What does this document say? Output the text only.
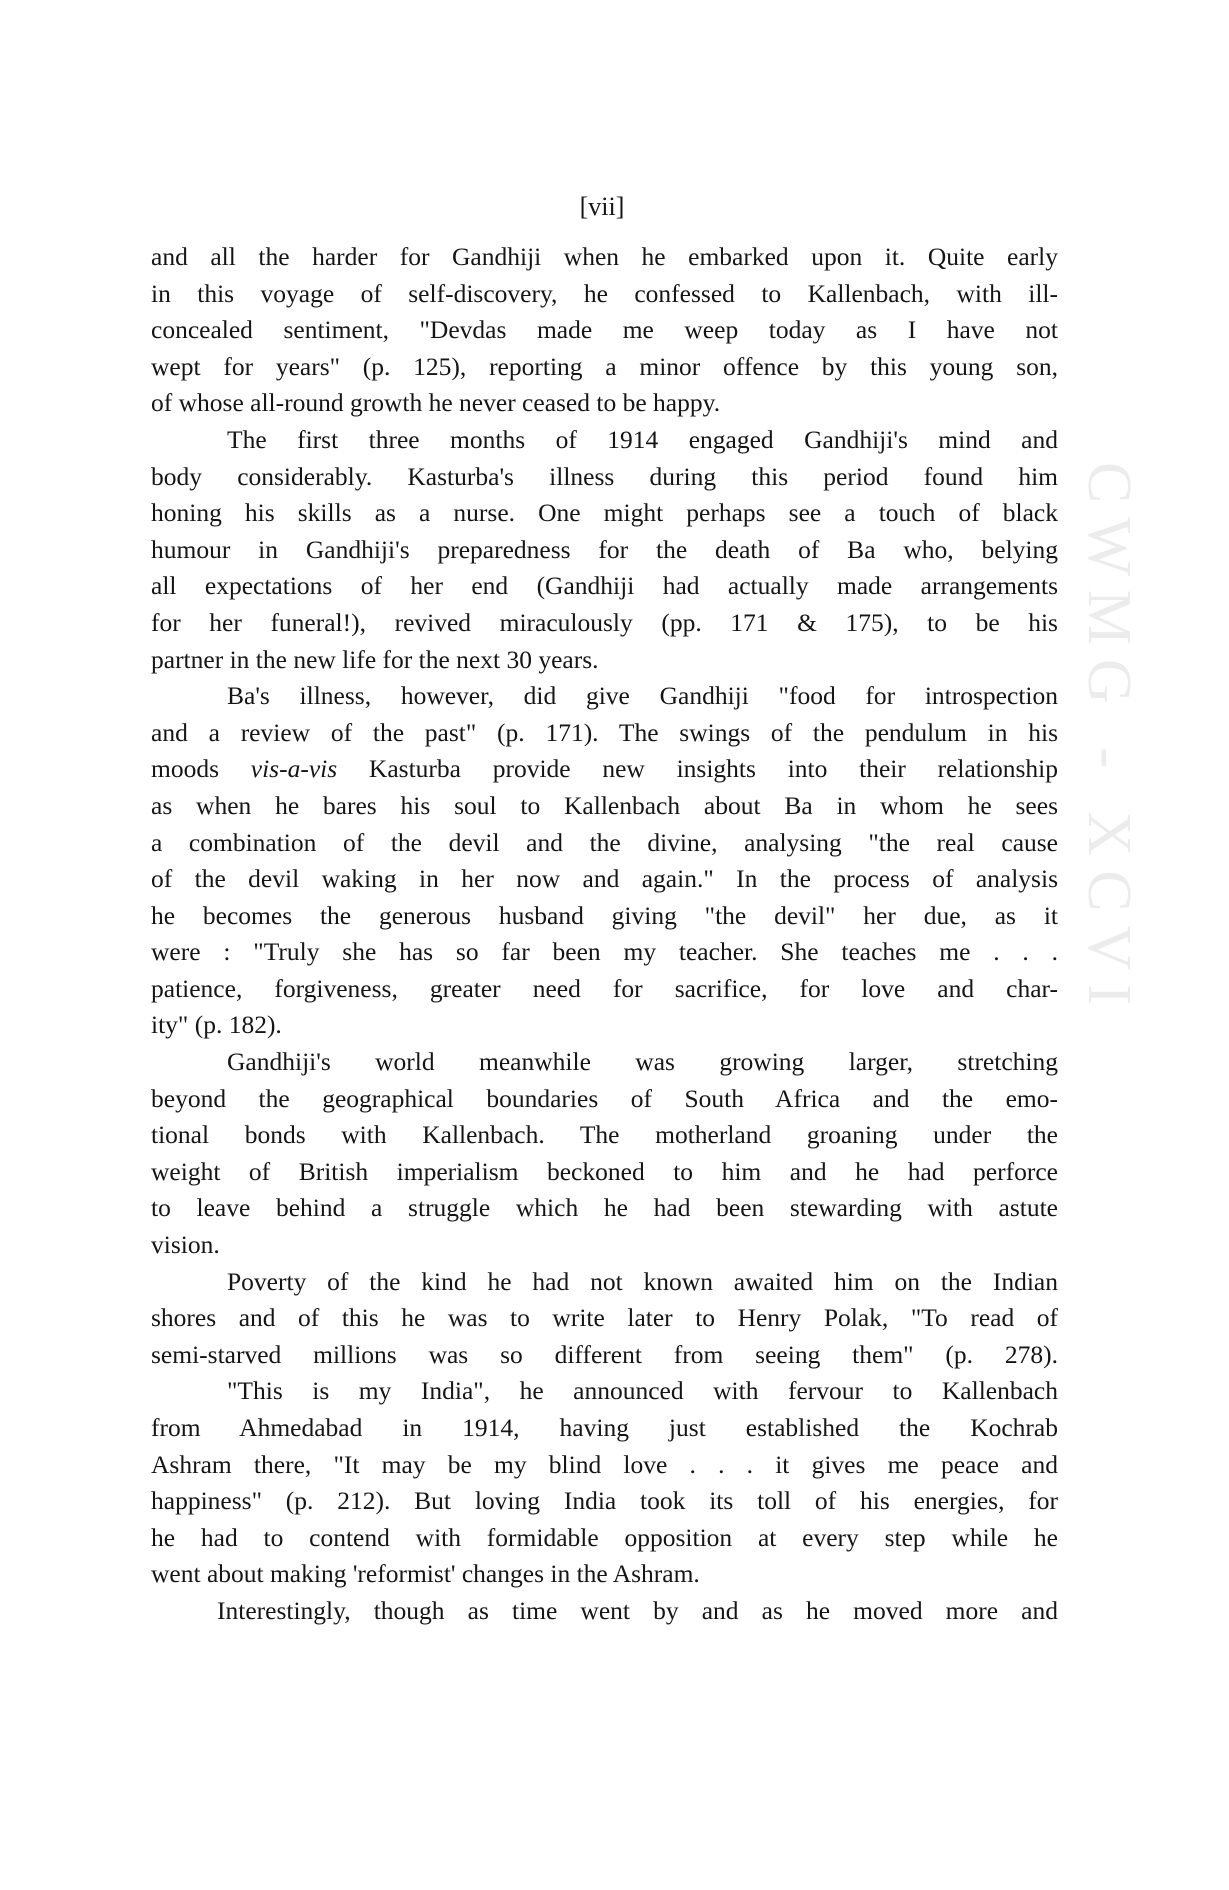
[vii]
CWMG - XCVI
and all the harder for Gandhiji when he embarked upon it. Quite early
in this voyage of self-discovery, he confessed to Kallenbach, with ill-
concealed sentiment, "Devdas made me weep today as I have not
wept for years" (p. 125), reporting a minor offence by this young son,
of whose all-round growth he never ceased to be happy.
The first three months of 1914 engaged Gandhiji's mind and
body considerably. Kasturba's illness during this period found him
honing his skills as a nurse. One might perhaps see a touch of black
humour in Gandhiji's preparedness for the death of Ba who, belying
all expectations of her end (Gandhiji had actually made arrangements
for her funeral!), revived miraculously (pp. 171 & 175), to be his
partner in the new life for the next 30 years.
Ba's illness, however, did give Gandhiji "food for introspection
and a review of the past" (p. 171). The swings of the pendulum in his
moods vis-a-vis Kasturba provide new insights into their relationship
as when he bares his soul to Kallenbach about Ba in whom he sees
a combination of the devil and the divine, analysing "the real cause
of the devil waking in her now and again." In the process of analysis
he becomes the generous husband giving "the devil" her due, as it
were : "Truly she has so far been my teacher. She teaches me . . .
patience, forgiveness, greater need for sacrifice, for love and char-
ity" (p. 182).
Gandhiji's world meanwhile was growing larger, stretching
beyond the geographical boundaries of South Africa and the emo-
tional bonds with Kallenbach. The motherland groaning under the
weight of British imperialism beckoned to him and he had perforce
to leave behind a struggle which he had been stewarding with astute
vision.
Poverty of the kind he had not known awaited him on the Indian
shores and of this he was to write later to Henry Polak, "To read of
semi-starved millions was so different from seeing them" (p. 278).
"This is my India", he announced with fervour to Kallenbach
from Ahmedabad in 1914, having just established the Kochrab
Ashram there, "It may be my blind love . . . it gives me peace and
happiness" (p. 212). But loving India took its toll of his energies, for
he had to contend with formidable opposition at every step while he
went about making 'reformist' changes in the Ashram.
Interestingly, though as time went by and as he moved more and
